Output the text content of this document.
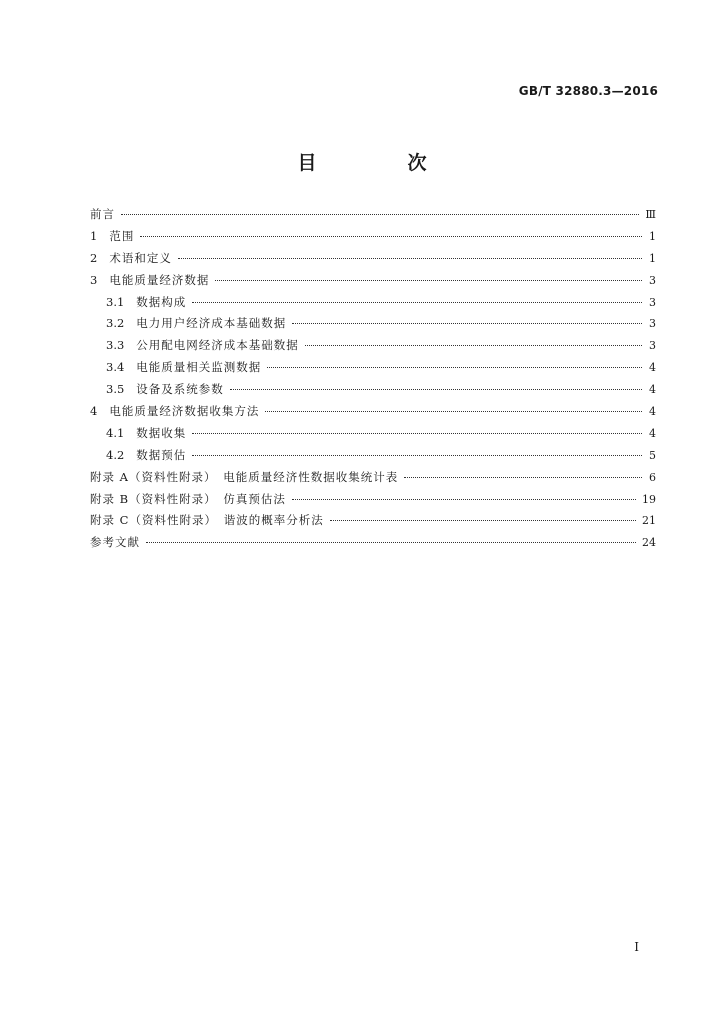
GB/T 32880.3—2016
目　次
前言	Ⅲ
1 范围	1
2 术语和定义	1
3 电能质量经济数据	3
3.1 数据构成	3
3.2 电力用户经济成本基础数据	3
3.3 公用配电网经济成本基础数据	3
3.4 电能质量相关监测数据	4
3.5 设备及系统参数	4
4 电能质量经济数据收集方法	4
4.1 数据收集	4
4.2 数据预估	5
附录 A（资料性附录）　电能质量经济性数据收集统计表	6
附录 B（资料性附录）　仿真预估法	19
附录 C（资料性附录）　谐波的概率分析法	21
参考文献	24
I
